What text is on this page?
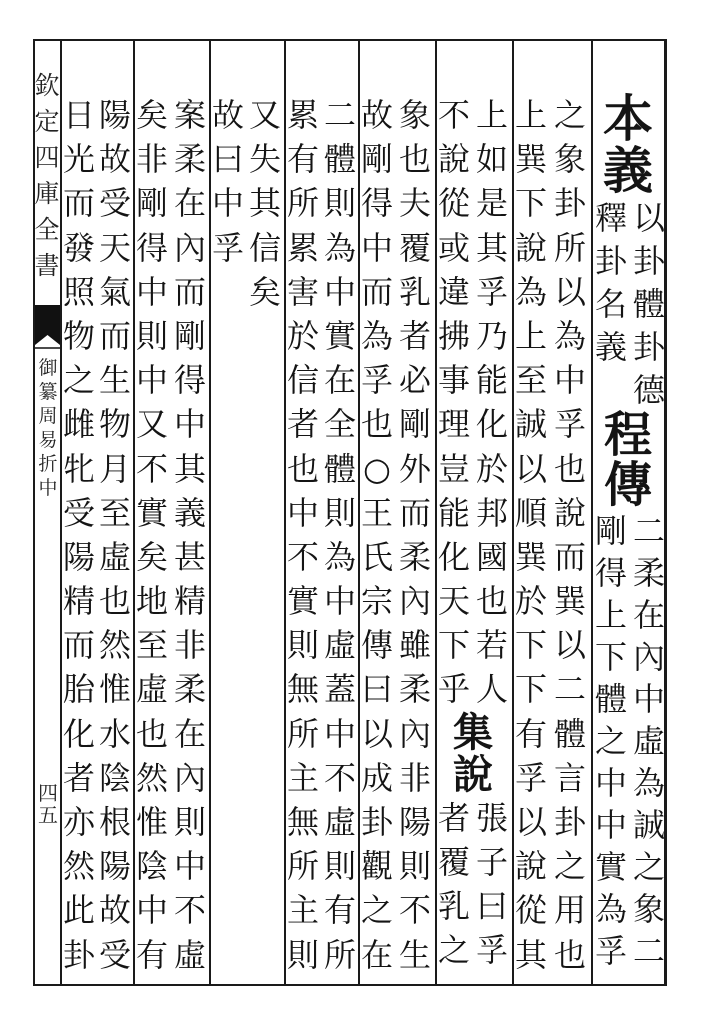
欽
定
四
庫
全
書
御
纂
周
易
折
中
四
五
本
義
以
卦
體
卦
德
釋
卦
名
義
程
傳
二
柔
在
內
中
虛
為
誠
之
象
二
剛
得
上
下
體
之
中
中
實
為
孚
之
象
卦
所
以
為
中
孚
也
說
而
巽
以
二
體
言
卦
之
用
也
上
巽
下
說
為
上
至
誠
以
順
巽
於
下
下
有
孚
以
說
從
其
上
如
是
其
孚
乃
能
化
於
邦
國
也
若
人
不
說
從
或
違
拂
事
理
豈
能
化
天
下
乎
集
說
張
子
曰
孚
者
覆
乳
之
象
也
夫
覆
乳
者
必
剛
外
而
柔
內
雖
柔
內
非
陽
則
不
生
故
剛
得
中
而
為
孚
也
○
王
氏
宗
傳
曰
以
成
卦
觀
之
在
二
體
則
為
中
實
在
全
體
則
為
中
虛
蓋
中
不
虛
則
有
所
累
有
所
累
害
於
信
者
也
中
不
實
則
無
所
主
無
所
主
則
又
失
其
信
矣
故
曰
中
孚
案
柔
在
內
而
剛
得
中
其
義
甚
精
非
柔
在
內
則
中
不
虛
矣
非
剛
得
中
則
中
又
不
實
矣
地
至
虛
也
然
惟
陰
中
有
陽
故
受
天
氣
而
生
物
月
至
虛
也
然
惟
水
陰
根
陽
故
受
日
光
而
發
照
物
之
雌
牝
受
陽
精
而
胎
化
者
亦
然
此
卦
